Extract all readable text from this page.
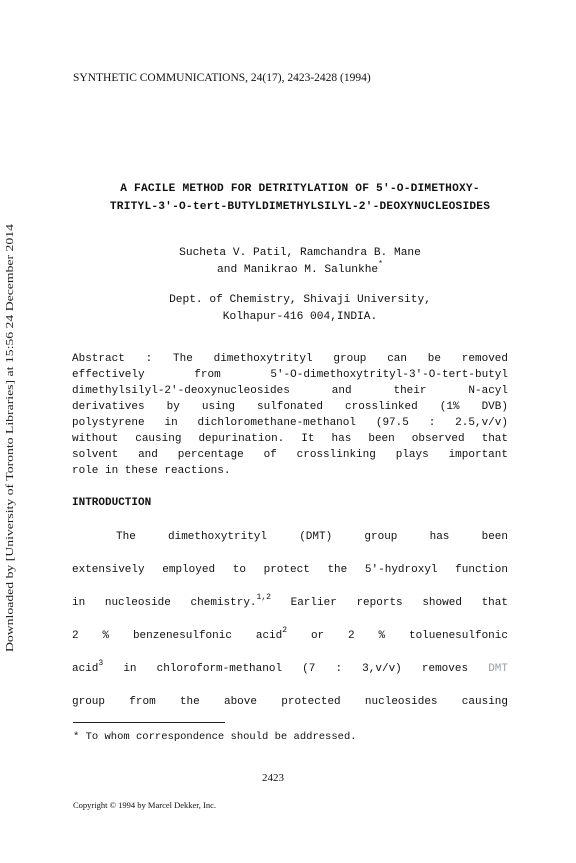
SYNTHETIC COMMUNICATIONS, 24(17), 2423-2428 (1994)
A FACILE METHOD FOR DETRITYLATION OF 5'-O-DIMETHOXY-
TRITYL-3'-O-tert-BUTYLDIMETHYLSILYL-2'-DEOXYNUCLEOSIDES
Sucheta V. Patil, Ramchandra B. Mane
and Manikrao M. Salunkhe*
Dept. of Chemistry, Shivaji University,
Kolhapur-416 004,INDIA.
Abstract : The dimethoxytrityl group can be removed
effectively from 5'-O-dimethoxytrityl-3'-O-tert-butyl
dimethylsilyl-2'-deoxynucleosides and their N-acyl
derivatives by using sulfonated crosslinked (1% DVB)
polystyrene in dichloromethane-methanol (97.5 : 2.5,v/v)
without causing depurination. It has been observed that
solvent and percentage of crosslinking plays important
role in these reactions.
INTRODUCTION
The dimethoxytrityl (DMT) group has been
extensively employed to protect the 5'-hydroxyl function
in nucleoside chemistry.$^{1,2}$ Earlier reports showed that
2 % benzenesulfonic acid$^2$ or 2 % toluenesulfonic
acid$^3$ in chloroform-methanol (7 : 3,v/v) removes DMT
group from the above protected nucleosides causing
* To whom correspondence should be addressed.
2423
Copyright © 1994 by Marcel Dekker, Inc.
Downloaded by [University of Toronto Libraries] at 15:56 24 December 2014
